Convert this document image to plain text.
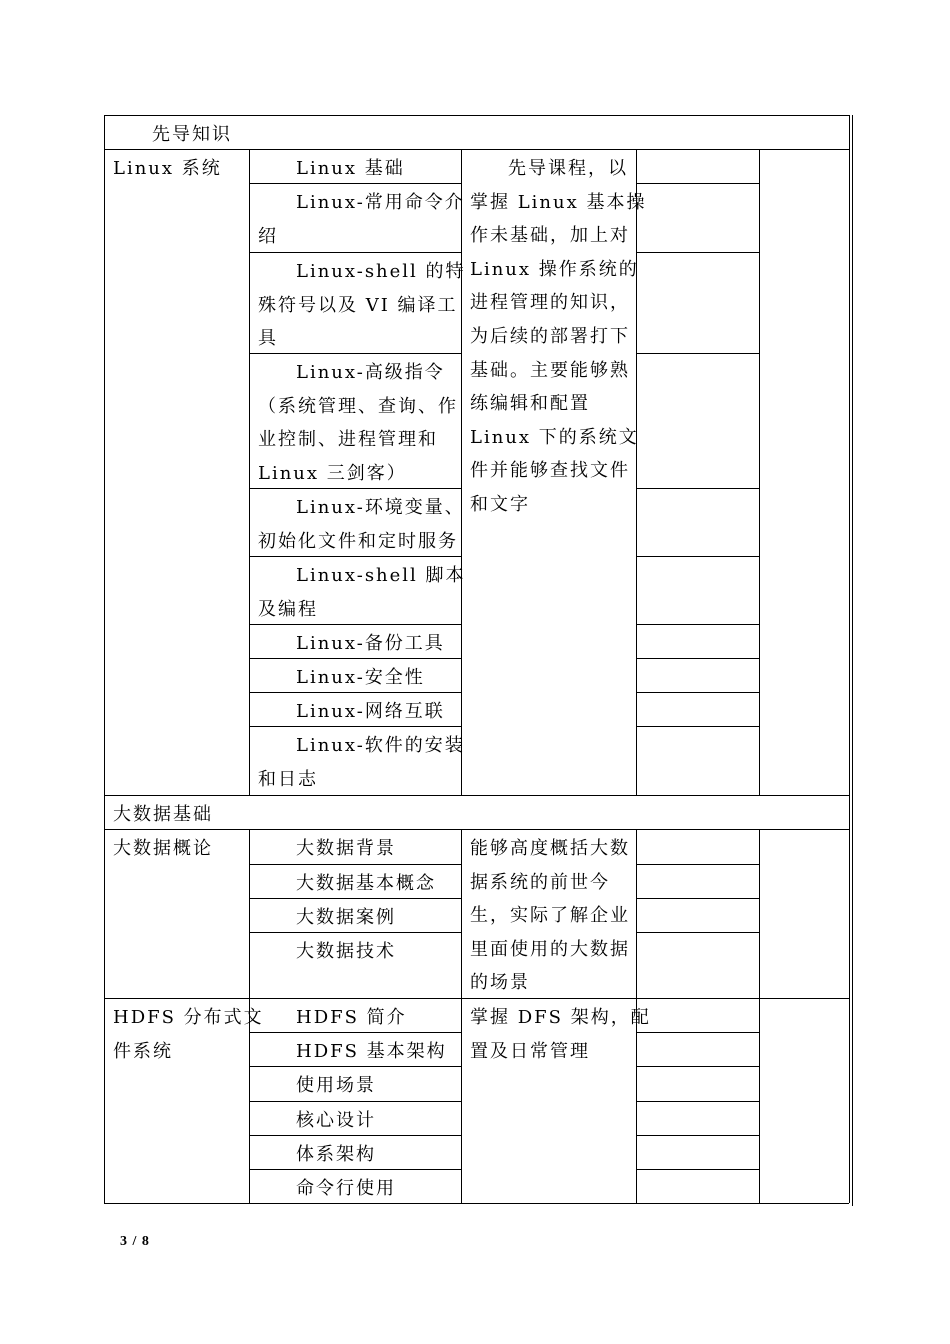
先导知识
Linux 系统	Linux 基础
Linux-常用命令介
绍
Linux-shell 的特
殊符号以及 VI 编译工
具
Linux-高级指令
（系统管理、查询、作
业控制、进程管理和
Linux 三剑客）
Linux-环境变量、
初始化文件和定时服务
Linux-shell 脚本
及编程
Linux-备份工具
Linux-安全性
Linux-网络互联
Linux-软件的安装
和日志
先导课程，以
掌握 Linux 基本操
作未基础，加上对
Linux 操作系统的
进程管理的知识，
为后续的部署打下
基础。主要能够熟
练编辑和配置
Linux 下的系统文
件并能够查找文件
和文字
大数据基础
大数据概论	大数据背景
大数据基本概念
大数据案例
大数据技术
能够高度概括大数
据系统的前世今
生，实际了解企业
里面使用的大数据
的场景
HDFS 分布式文
件系统
HDFS 简介
HDFS 基本架构
使用场景
核心设计
体系架构
命令行使用
掌握 DFS 架构，配
置及日常管理
3 / 8
